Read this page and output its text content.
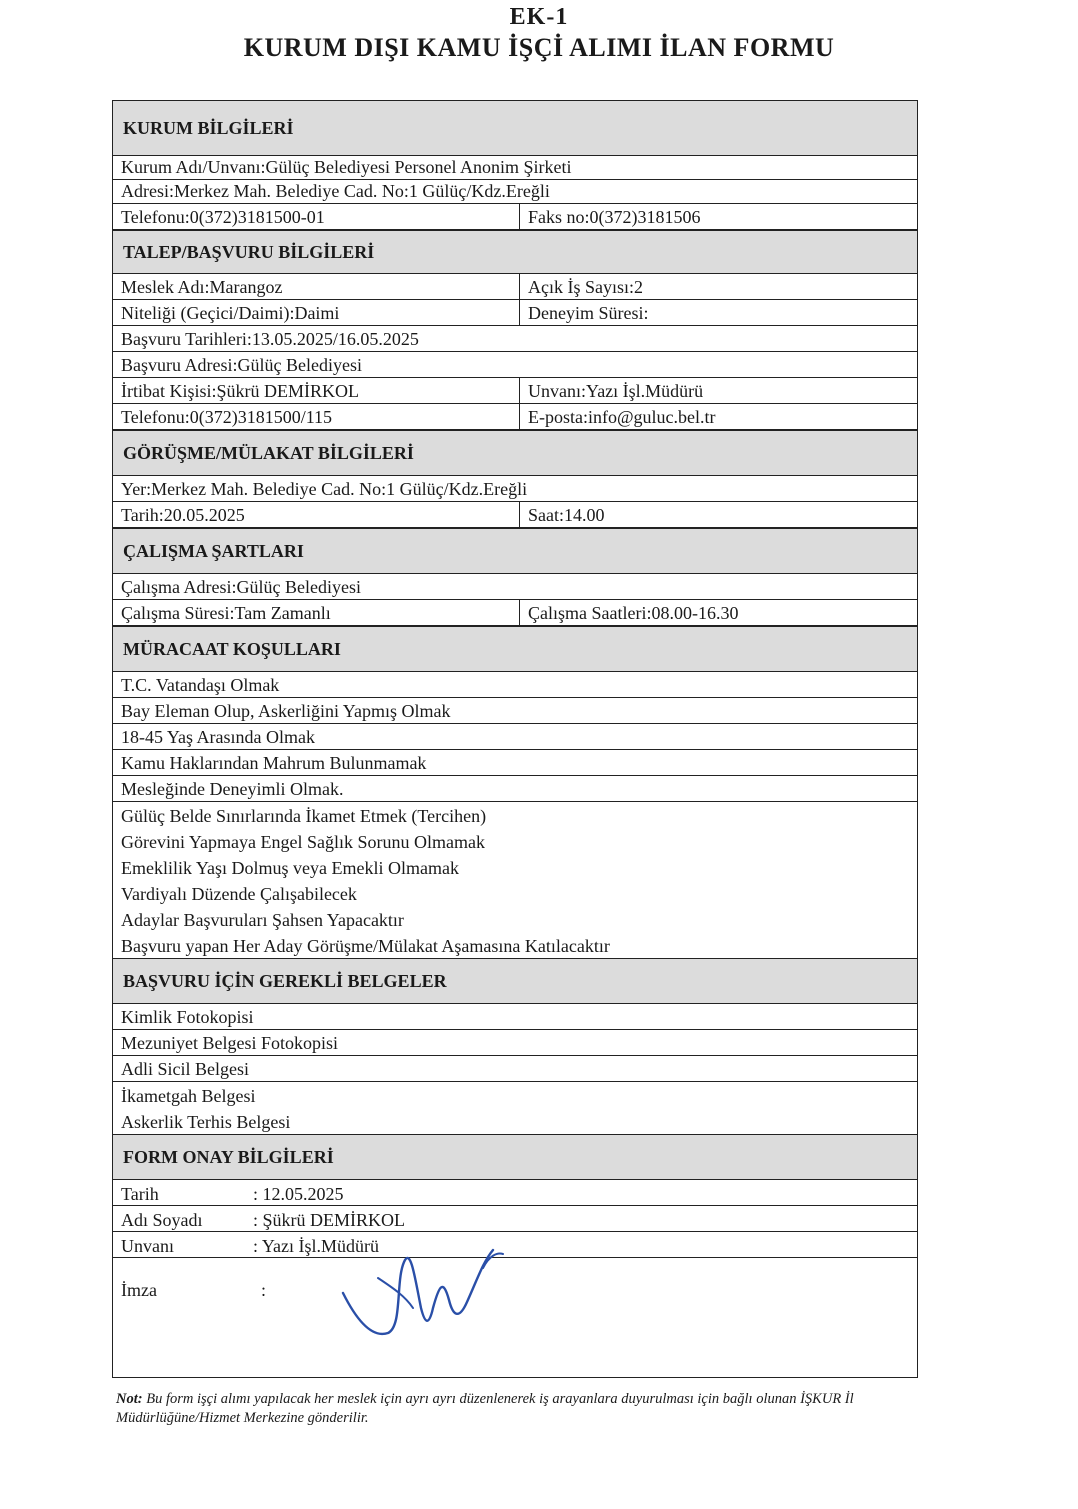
EK-1
KURUM DIŞI KAMU İŞÇİ ALIMI İLAN FORMU
KURUM BİLGİLERİ
Kurum Adı/Unvanı:Gülüç Belediyesi Personel Anonim Şirketi
Adresi:Merkez Mah. Belediye Cad. No:1 Gülüç/Kdz.Ereğli
Telefonu:0(372)3181500-01	Faks no:0(372)3181506
TALEP/BAŞVURU BİLGİLERİ
Meslek Adı:Marangoz	Açık İş Sayısı:2
Niteliği (Geçici/Daimi):Daimi	Deneyim Süresi:
Başvuru Tarihleri:13.05.2025/16.05.2025
Başvuru Adresi:Gülüç Belediyesi
İrtibat Kişisi:Şükrü DEMİRKOL	Unvanı:Yazı İşl.Müdürü
Telefonu:0(372)3181500/115	E-posta:info@guluc.bel.tr
GÖRÜŞME/MÜLAKAT BİLGİLERİ
Yer:Merkez Mah. Belediye Cad. No:1 Gülüç/Kdz.Ereğli
Tarih:20.05.2025	Saat:14.00
ÇALIŞMA ŞARTLARI
Çalışma Adresi:Gülüç Belediyesi
Çalışma Süresi:Tam Zamanlı	Çalışma Saatleri:08.00-16.30
MÜRACAAT KOŞULLARI
T.C. Vatandaşı Olmak
Bay Eleman Olup, Askerliğini Yapmış Olmak
18-45 Yaş Arasında Olmak
Kamu Haklarından Mahrum Bulunmamak
Mesleğinde Deneyimli Olmak.
Gülüç Belde Sınırlarında İkamet Etmek (Tercihen)
Görevini Yapmaya Engel Sağlık Sorunu Olmamak
Emeklilik Yaşı Dolmuş veya Emekli Olmamak
Vardiyalı Düzende Çalışabilecek
Adaylar Başvuruları Şahsen Yapacaktır
Başvuru yapan Her Aday Görüşme/Mülakat Aşamasına Katılacaktır
BAŞVURU İÇİN GEREKLİ BELGELER
Kimlik Fotokopisi
Mezuniyet Belgesi Fotokopisi
Adli Sicil Belgesi
İkametgah Belgesi
Askerlik Terhis Belgesi
FORM ONAY BİLGİLERİ
Tarih	: 12.05.2025
Adı Soyadı	: Şükrü DEMİRKOL
Unvanı	: Yazı İşl.Müdürü
İmza	:
Not: Bu form işçi alımı yapılacak her meslek için ayrı ayrı düzenlenerek iş arayanlara duyurulması için bağlı olunan İŞKUR İl Müdürlüğüne/Hizmet Merkezine gönderilir.
